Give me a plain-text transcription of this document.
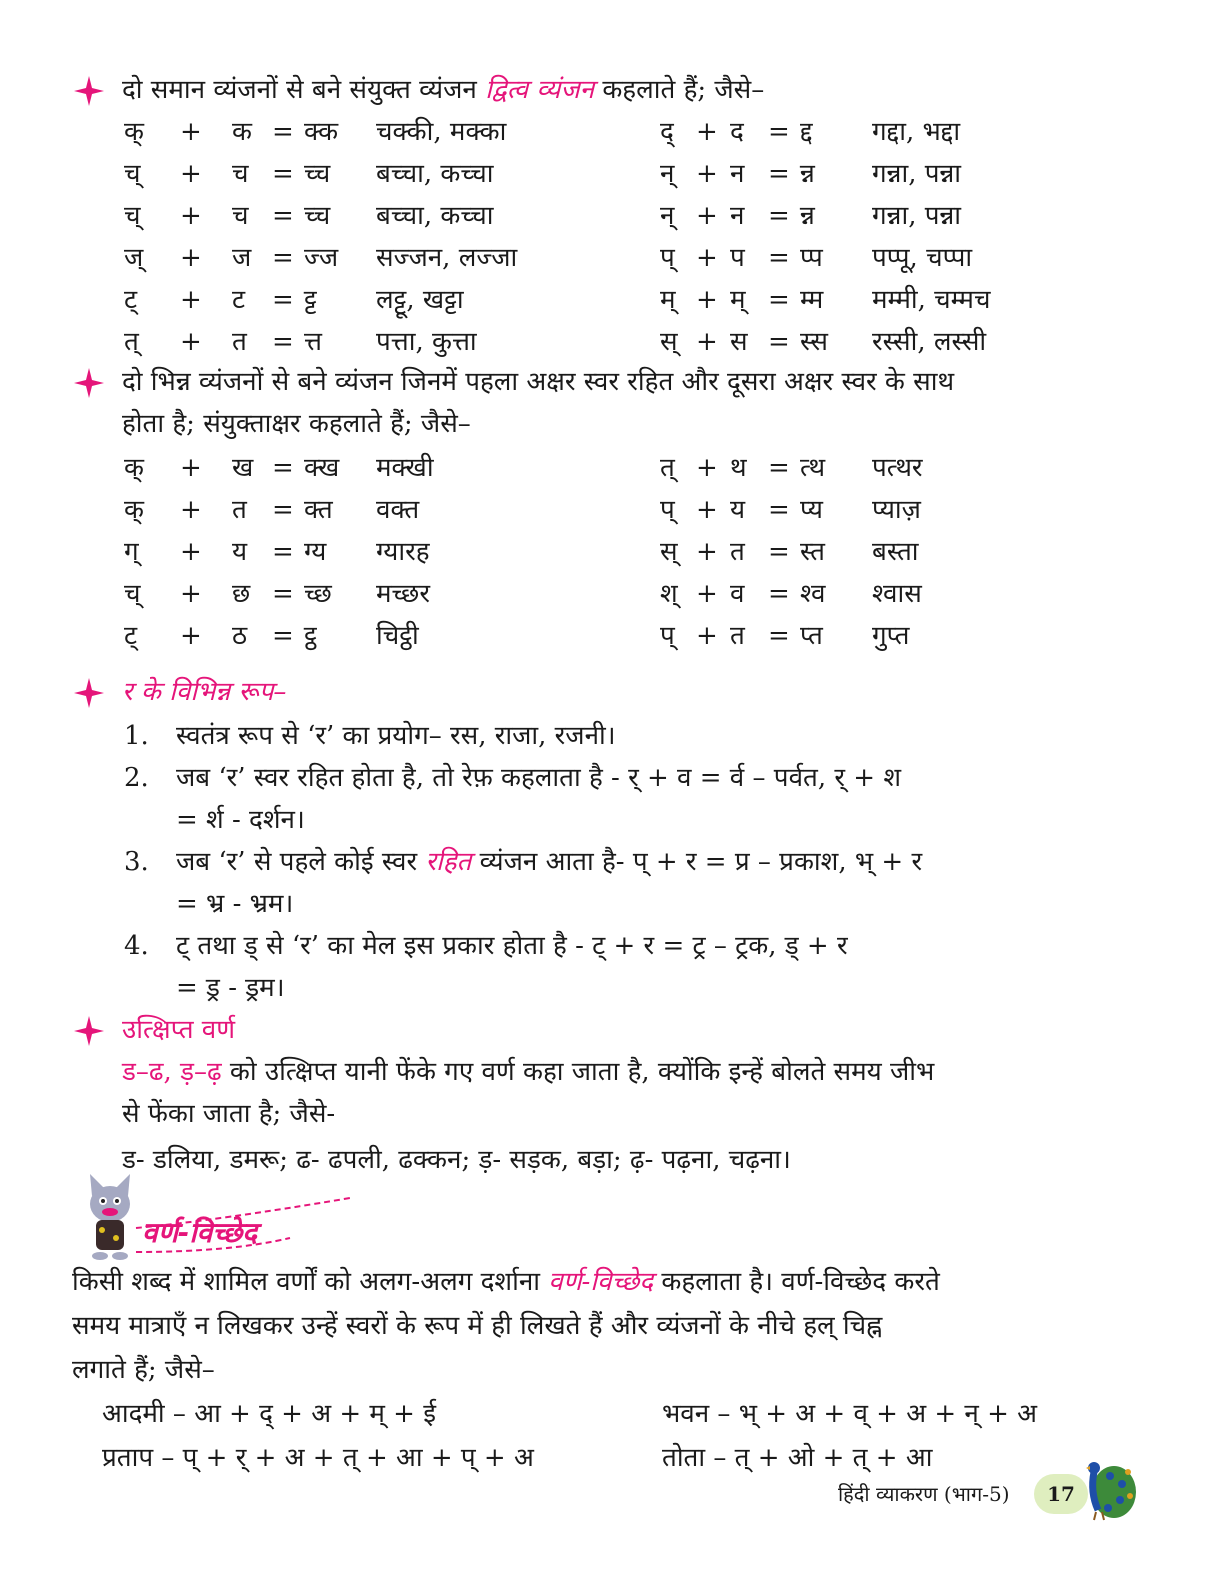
दो समान व्यंजनों से बने संयुक्त व्यंजन द्वित्व व्यंजन कहलाते हैं; जैसे–
क् + क = क्क चक्की, मक्का	द् + द = द्द गद्दा, भद्दा
च् + च = च्च बच्चा, कच्चा	न् + न = न्न गन्ना, पन्ना
च् + च = च्च बच्चा, कच्चा	न् + न = न्न गन्ना, पन्ना
ज् + ज = ज्ज सज्जन, लज्जा	प् + प = प्प पप्पू, चप्पा
ट् + ट = ट्ट लट्टू, खट्टा	म् + म् = म्म मम्मी, चम्मच
त् + त = त्त पत्ता, कुत्ता	स् + स = स्स रस्सी, लस्सी
दो भिन्न व्यंजनों से बने व्यंजन जिनमें पहला अक्षर स्वर रहित और दूसरा अक्षर स्वर के साथ
होता है; संयुक्ताक्षर कहलाते हैं; जैसे–
क् + ख = क्ख मक्खी	त् + थ = त्थ पत्थर
क् + त = क्त वक्त	प् + य = प्य प्याज़
ग् + य = ग्य ग्यारह	स् + त = स्त बस्ता
च् + छ = च्छ मच्छर	श् + व = श्व श्वास
ट् + ठ = ट्ठ चिट्ठी	प् + त = प्त गुप्त
र के विभिन्न रूप–
1. स्वतंत्र रूप से ‘र’ का प्रयोग– रस, राजा, रजनी।
2. जब ‘र’ स्वर रहित होता है, तो रेफ़ कहलाता है - र् + व = र्व – पर्वत, र् + श
= र्श - दर्शन।
3. जब ‘र’ से पहले कोई स्वर रहित व्यंजन आता है- प् + र = प्र – प्रकाश, भ् + र
= भ्र - भ्रम।
4. ट् तथा ड् से ‘र’ का मेल इस प्रकार होता है - ट् + र = ट्र – ट्रक, ड् + र
= ड्र - ड्रम।
उत्क्षिप्त वर्ण
ड–ढ, ड़–ढ़ को उत्क्षिप्त यानी फेंके गए वर्ण कहा जाता है, क्योंकि इन्हें बोलते समय जीभ
से फेंका जाता है; जैसे-
ड- डलिया, डमरू; ढ- ढपली, ढक्कन; ड़- सड़क, बड़ा; ढ़- पढ़ना, चढ़ना।
वर्ण-विच्छेद
किसी शब्द में शामिल वर्णों को अलग-अलग दर्शाना वर्ण-विच्छेद कहलाता है। वर्ण-विच्छेद करते
समय मात्राएँ न लिखकर उन्हें स्वरों के रूप में ही लिखते हैं और व्यंजनों के नीचे हल् चिह्न
लगाते हैं; जैसे–
आदमी – आ + द् + अ + म् + ई	भवन – भ् + अ + व् + अ + न् + अ
प्रताप – प् + र् + अ + त् + आ + प् + अ	तोता – त् + ओ + त् + आ
हिंदी व्याकरण (भाग-5)	17
